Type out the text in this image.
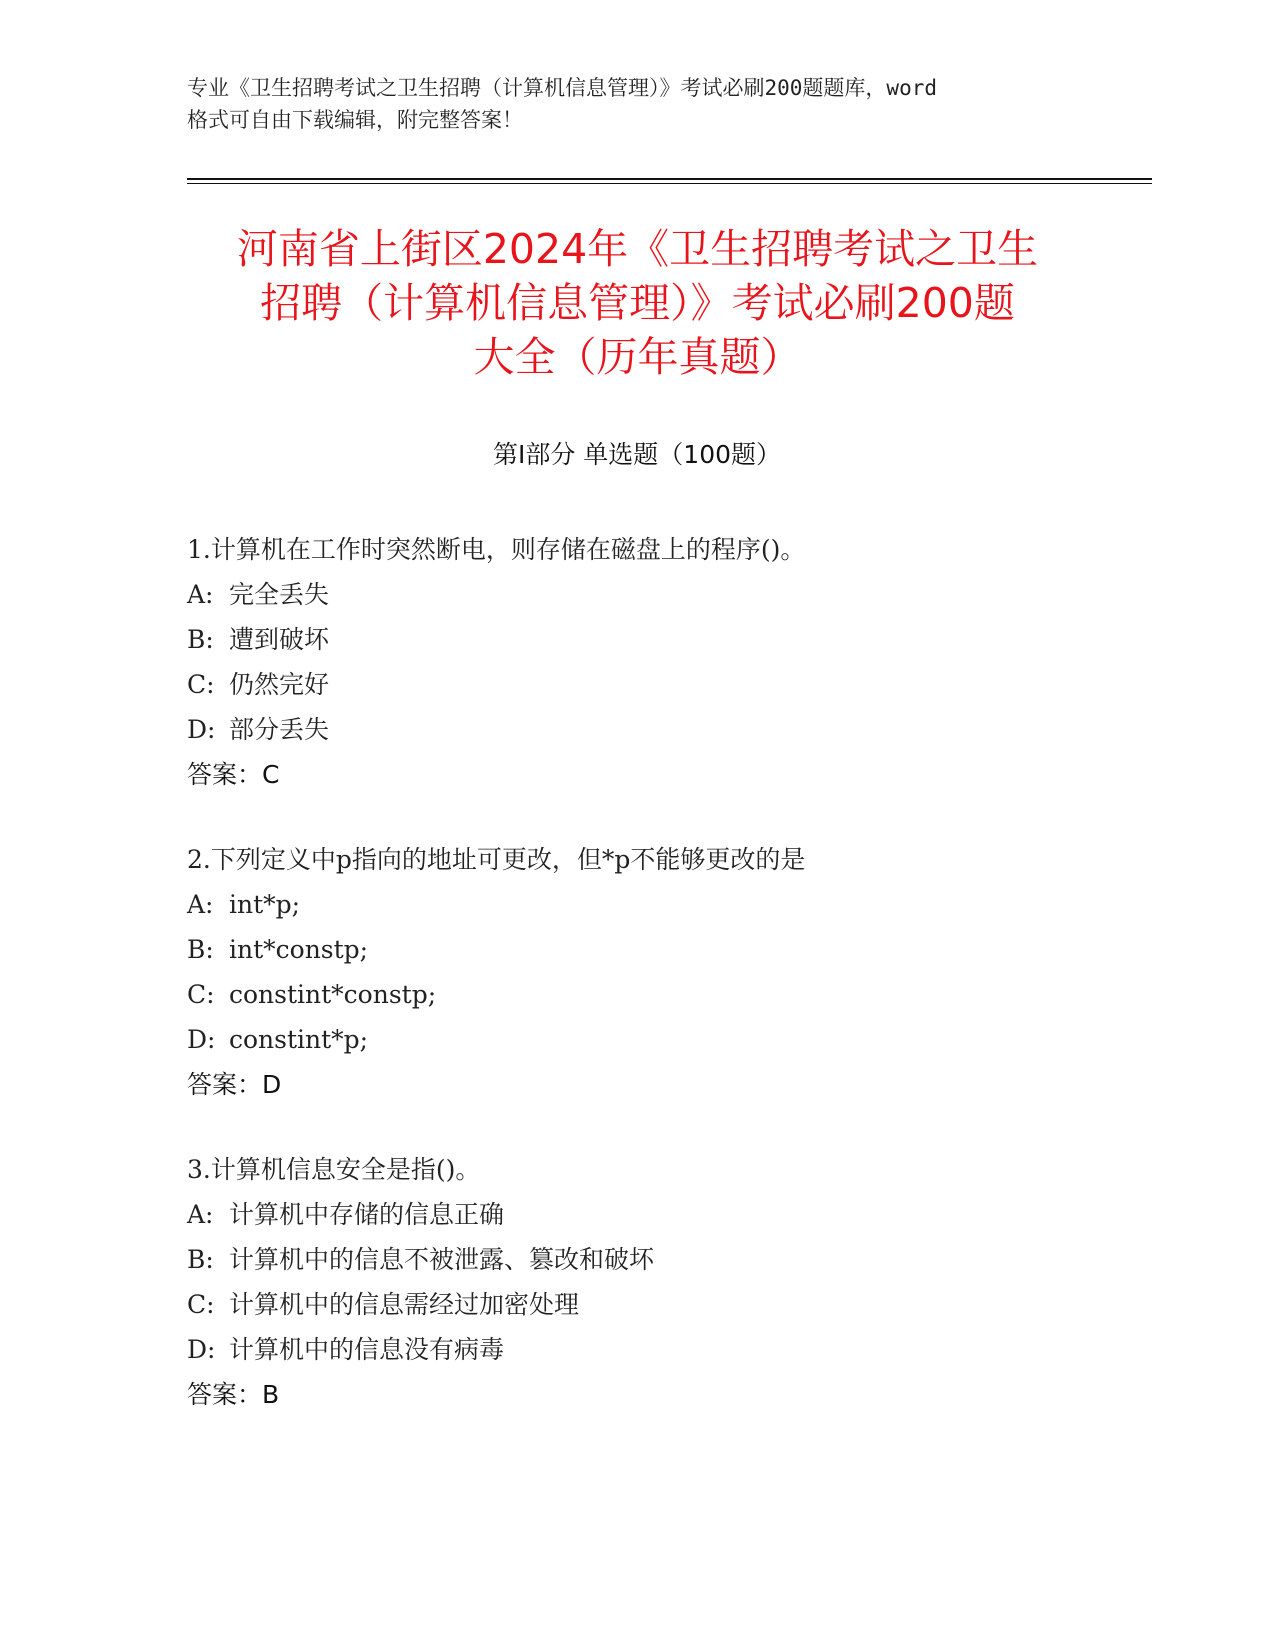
专业《卫生招聘考试之卫生招聘（计算机信息管理）》考试必刷200题题库，word
格式可自由下载编辑，附完整答案！
河南省上街区2024年《卫生招聘考试之卫生
招聘（计算机信息管理）》考试必刷200题
大全（历年真题）
第Ⅰ部分 单选题（100题）
1.计算机在工作时突然断电，则存储在磁盘上的程序()。
A: 完全丢失
B: 遭到破坏
C: 仍然完好
D: 部分丢失
答案：C
2.下列定义中p指向的地址可更改，但*p不能够更改的是
A: int*p;
B: int*constp;
C: constint*constp;
D: constint*p;
答案：D
3.计算机信息安全是指()。
A: 计算机中存储的信息正确
B: 计算机中的信息不被泄露、篡改和破坏
C: 计算机中的信息需经过加密处理
D: 计算机中的信息没有病毒
答案：B
